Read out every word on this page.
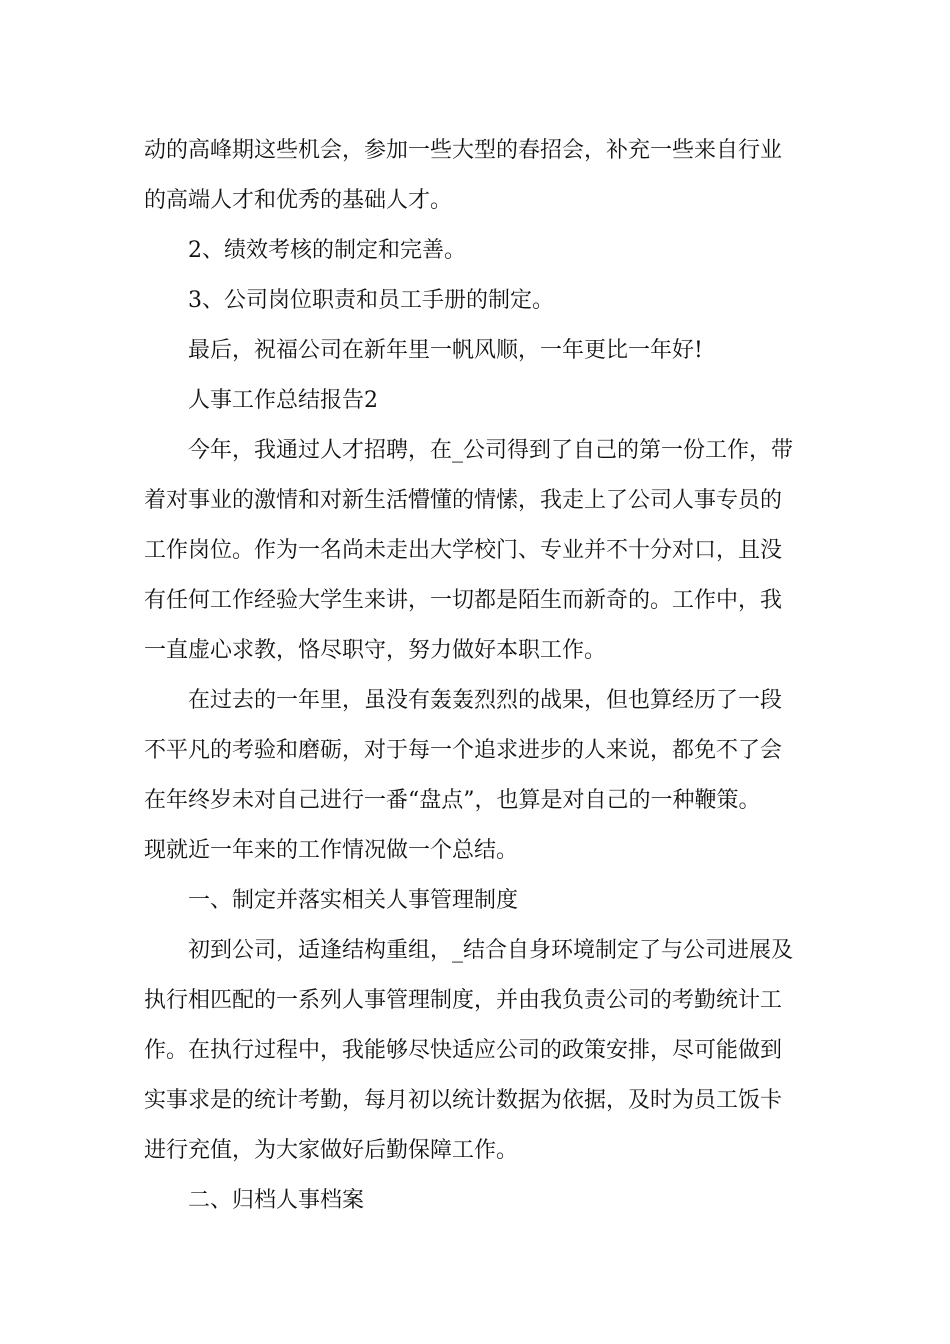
动的高峰期这些机会，参加一些大型的春招会，补充一些来自行业
的高端人才和优秀的基础人才。
2、绩效考核的制定和完善。
3、公司岗位职责和员工手册的制定。
最后，祝福公司在新年里一帆风顺，一年更比一年好!
人事工作总结报告2
今年，我通过人才招聘，在_公司得到了自己的第一份工作，带
着对事业的激情和对新生活懵懂的情愫，我走上了公司人事专员的
工作岗位。作为一名尚未走出大学校门、专业并不十分对口，且没
有任何工作经验大学生来讲，一切都是陌生而新奇的。工作中，我
一直虚心求教，恪尽职守，努力做好本职工作。
在过去的一年里，虽没有轰轰烈烈的战果，但也算经历了一段
不平凡的考验和磨砺，对于每一个追求进步的人来说，都免不了会
在年终岁未对自己进行一番“盘点”，也算是对自己的一种鞭策。
现就近一年来的工作情况做一个总结。
一、制定并落实相关人事管理制度
初到公司，适逢结构重组，_结合自身环境制定了与公司进展及
执行相匹配的一系列人事管理制度，并由我负责公司的考勤统计工
作。在执行过程中，我能够尽快适应公司的政策安排，尽可能做到
实事求是的统计考勤，每月初以统计数据为依据，及时为员工饭卡
进行充值，为大家做好后勤保障工作。
二、归档人事档案
